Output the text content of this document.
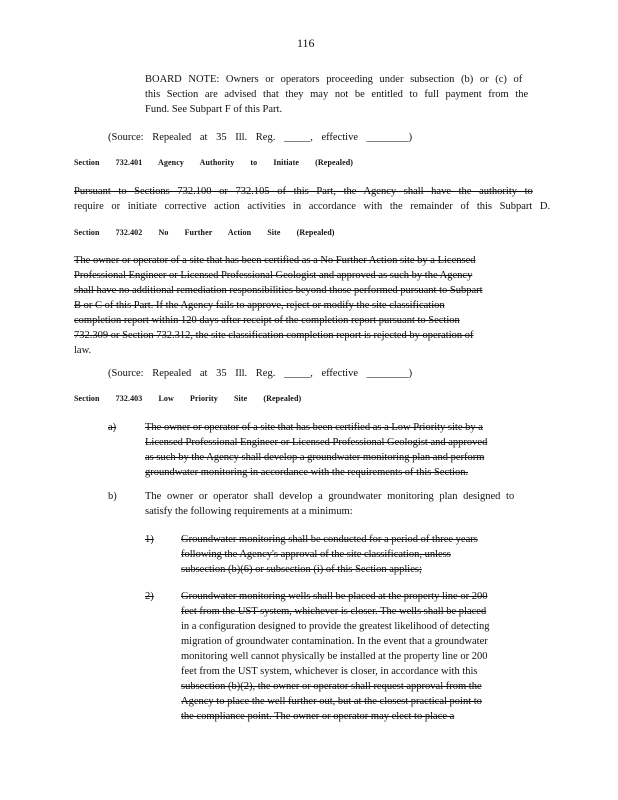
116
BOARD NOTE: Owners or operators proceeding under subsection (b) or (c) of
this Section are advised that they may not be entitled to full payment from the
Fund. See Subpart F of this Part.
(Source: Repealed at 35 Ill. Reg. _____, effective ________)
Section 732.401 Agency Authority to Initiate (Repealed)
Pursuant to Sections 732.100 or 732.105 of this Part, the Agency shall have the authority to
require or initiate corrective action activities in accordance with the remainder of this Subpart D.
Section 732.402 No Further Action Site (Repealed)
The owner or operator of a site that has been certified as a No Further Action site by a Licensed
Professional Engineer or Licensed Professional Geologist and approved as such by the Agency
shall have no additional remediation responsibilities beyond those performed pursuant to Subpart
B or C of this Part. If the Agency fails to approve, reject or modify the site classification
completion report within 120 days after receipt of the completion report pursuant to Section
732.309 or Section 732.312, the site classification completion report is rejected by operation of
law.
(Source: Repealed at 35 Ill. Reg. _____, effective ________)
Section 732.403 Low Priority Site (Repealed)
a)	The owner or operator of a site that has been certified as a Low Priority site by a
Licensed Professional Engineer or Licensed Professional Geologist and approved
as such by the Agency shall develop a groundwater monitoring plan and perform
groundwater monitoring in accordance with the requirements of this Section.
b)	The owner or operator shall develop a groundwater monitoring plan designed to
satisfy the following requirements at a minimum:
1)	Groundwater monitoring shall be conducted for a period of three years
following the Agency's approval of the site classification, unless
subsection (b)(6) or subsection (i) of this Section applies;
2)	Groundwater monitoring wells shall be placed at the property line or 200
feet from the UST system, whichever is closer. The wells shall be placed
in a configuration designed to provide the greatest likelihood of detecting
migration of groundwater contamination. In the event that a groundwater
monitoring well cannot physically be installed at the property line or 200
feet from the UST system, whichever is closer, in accordance with this
subsection (b)(2), the owner or operator shall request approval from the
Agency to place the well further out, but at the closest practical point to
the compliance point. The owner or operator may elect to place a
